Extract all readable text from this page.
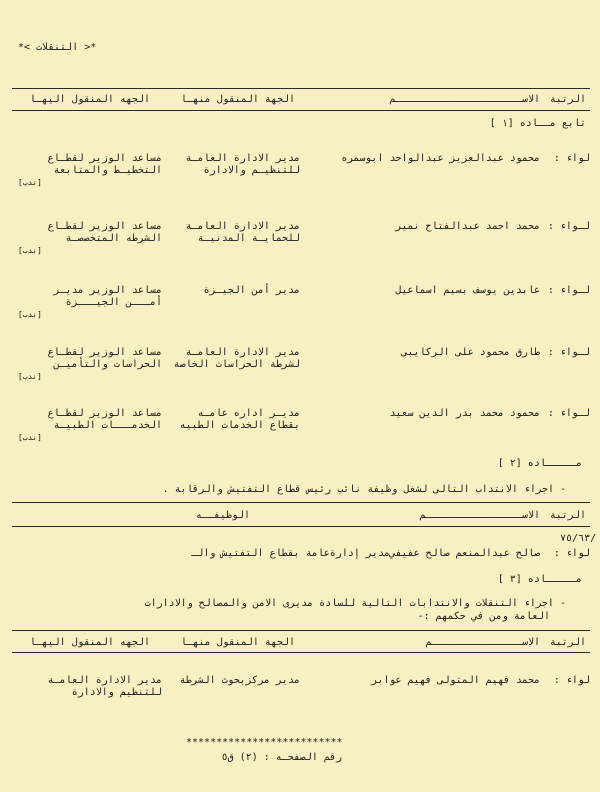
*< التنقلات >*
الرتبة
الاســـــــــــــــــــــم
الجهة المنقول منهـا
الجهه المنقول اليهـا
تابع مــاده [١ ]
لواء :
محمود عبدالعزيز عبدالواحد ابوسمره
مدير الادارة العامـة
للتنظيـم والادارة
مساعد الوزير لقطـاع
التخطيـط والمتابعة
[ندب]
لـواء :
محمد احمد عبدالفتاح نمير
مدير الادارة العامـة
للحمايـة المدنيـة
مساعد الوزير لقطـاع
الشرطه المتخصصـة
[ندب]
لـواء :
عابدين يوسف بسيم اسماعيل
مدير أمن الجيـزة
مساعد الوزير مديـر
أمـــن الجيـــزة
[ندب]
لـواء :
طارق محمود على الركايبى
مدير الادارة العامـة
لشرطة الحراسات الخاصة
مساعد الوزير لقطـاع
الحراسات والتأميـن
[ندب]
لـواء :
محمود محمد بدر الدين سعيد
مديـر اداره عامـه
بقطاع الخدمات الطبيه
مساعد الوزير لقطـاع
الخدمـــات الطبيـة
[ندب]
مـــــاده [٢ ]
- اجراء الانتداب التالى لشغل وظيفة نائب رئيس قطاع التفتيش والرقابة .
الرتبة
الاســــــــــــــــم
الوظيفــه
٧٥/٦٣/
لواء :
صالح عبدالمنعم صالح عفيفي
مدير إدارةعامة بقطاع التفتيش والـ
مـــــاده [٣ ]
- اجراء التنقلات والانتدابات التالية للسادة مديرى الامن والمصالح والادارات
العامة ومن في حكمهم :-
الرتبة
الاســـــــــــــــم
الجهة المنقول منهـا
الجهه المنقول اليهـا
لواء :
محمد فهيم المتولى فهيم عوابر
مدير مركزبحوث الشرطة
مدير الادارة العامـة
للتنظيم والادارة
**************************
رقم الصفحـه : (٢) ق٥
